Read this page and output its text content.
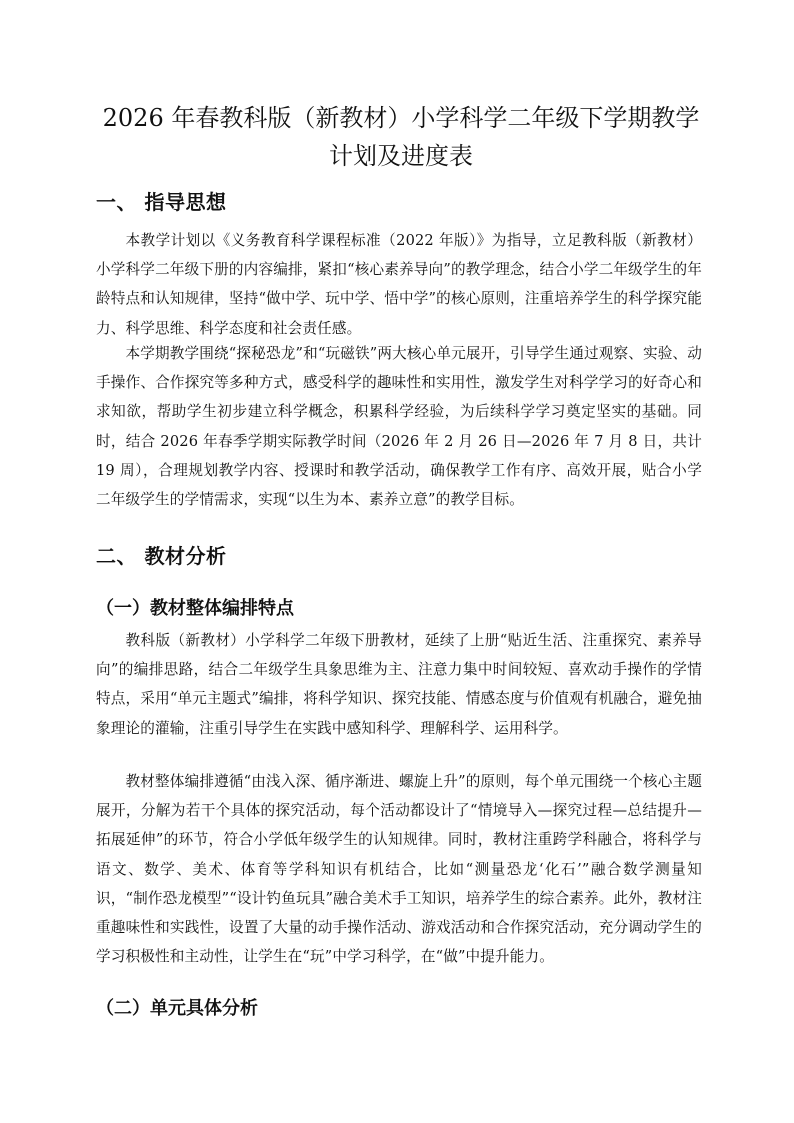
2026 年春教科版（新教材）小学科学二年级下学期教学
计划及进度表
一、 指导思想

本教学计划以《义务教育科学课程标准（2022 年版）》为指导，立足教科版（新教材）小学科学二年级下册的内容编排，紧扣“核心素养导向”的教学理念，结合小学二年级学生的年龄特点和认知规律，坚持“做中学、玩中学、悟中学”的核心原则，注重培养学生的科学探究能力、科学思维、科学态度和社会责任感。

本学期教学围绕“探秘恐龙”和“玩磁铁”两大核心单元展开，引导学生通过观察、实验、动手操作、合作探究等多种方式，感受科学的趣味性和实用性，激发学生对科学学习的好奇心和求知欲，帮助学生初步建立科学概念，积累科学经验，为后续科学学习奠定坚实的基础。同时，结合 2026 年春季学期实际教学时间（2026 年 2 月 26 日—2026 年 7 月 8 日，共计 19 周），合理规划教学内容、授课时和教学活动，确保教学工作有序、高效开展，贴合小学二年级学生的学情需求，实现“以生为本、素养立意”的教学目标。

二、 教材分析
（一）教材整体编排特点

教科版（新教材）小学科学二年级下册教材，延续了上册“贴近生活、注重探究、素养导向”的编排思路，结合二年级学生具象思维为主、注意力集中时间较短、喜欢动手操作的学情特点，采用“单元主题式”编排，将科学知识、探究技能、情感态度与价值观有机融合，避免抽象理论的灌输，注重引导学生在实践中感知科学、理解科学、运用科学。

教材整体编排遵循“由浅入深、循序渐进、螺旋上升”的原则，每个单元围绕一个核心主题展开，分解为若干个具体的探究活动，每个活动都设计了“情境导入—探究过程—总结提升—拓展延伸”的环节，符合小学低年级学生的认知规律。同时，教材注重跨学科融合，将科学与语文、数学、美术、体育等学科知识有机结合，比如“测量恐龙‘化石’”融合数学测量知识，“制作恐龙模型”“设计钓鱼玩具”融合美术手工知识，培养学生的综合素养。此外，教材注重趣味性和实践性，设置了大量的动手操作活动、游戏活动和合作探究活动，充分调动学生的学习积极性和主动性，让学生在“玩”中学习科学，在“做”中提升能力。

（二）单元具体分析
